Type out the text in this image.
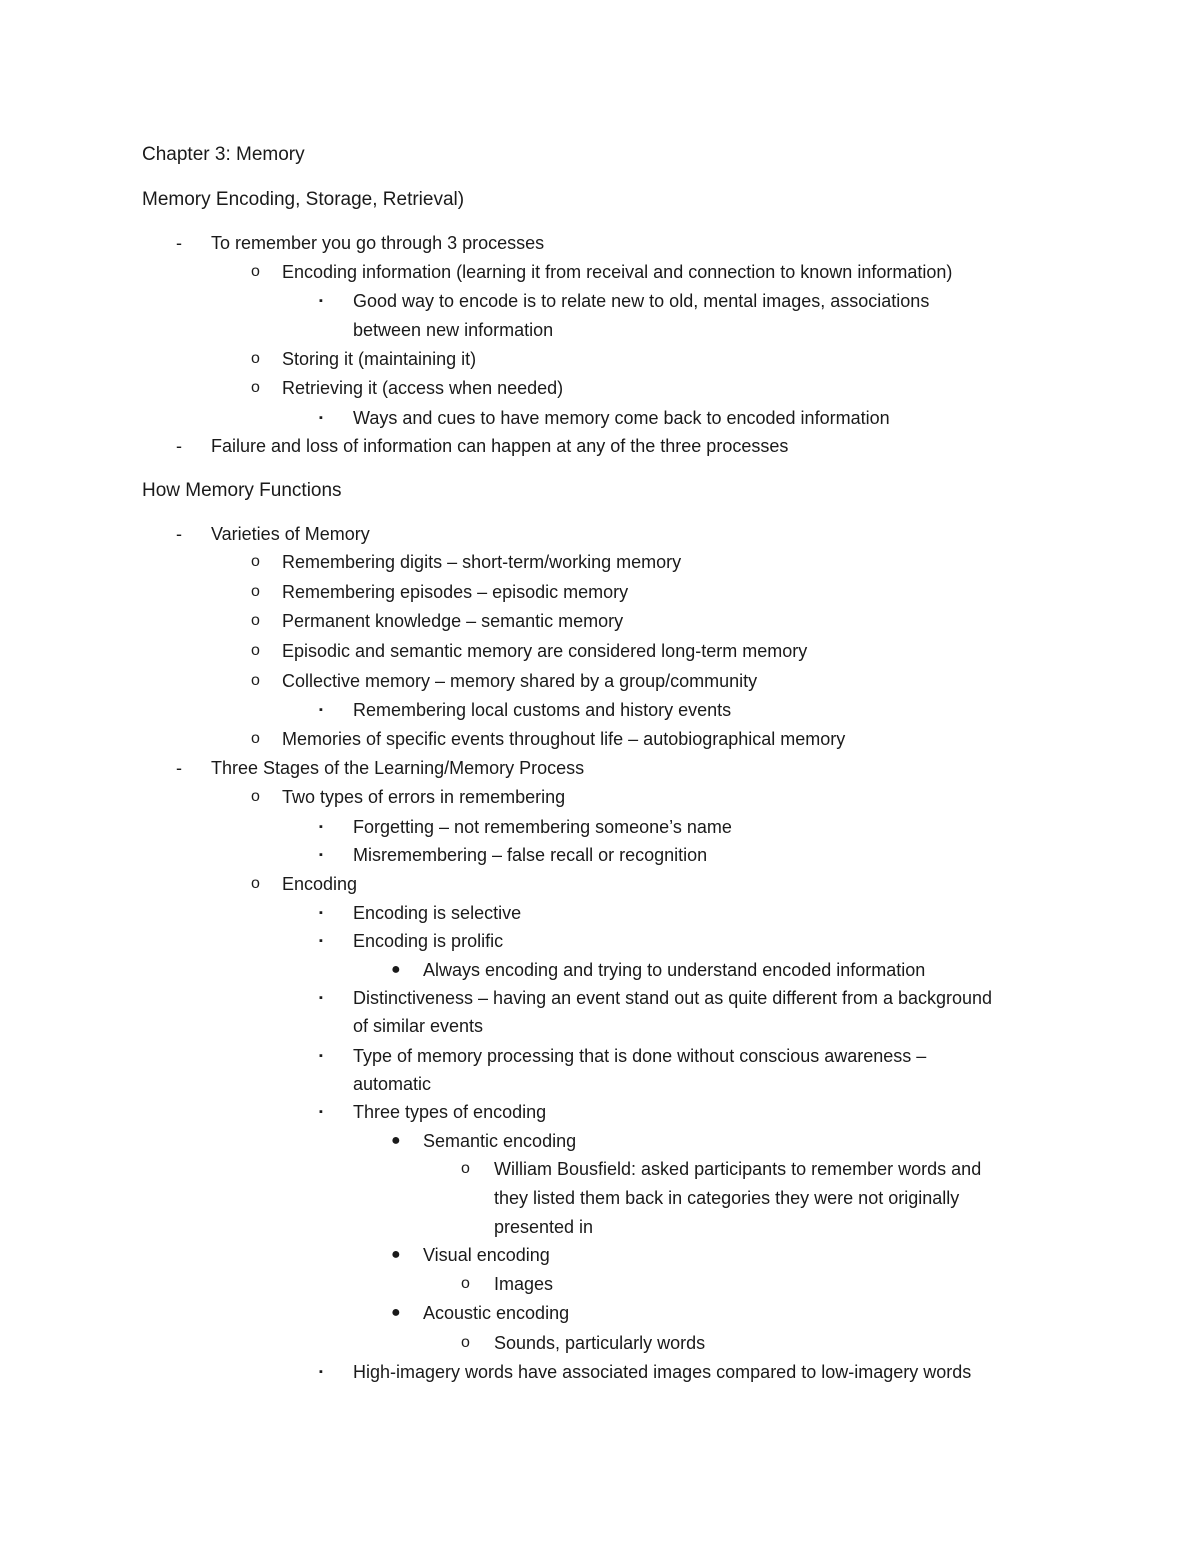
Chapter 3: Memory
Memory Encoding, Storage, Retrieval)
How Memory Functions
- To remember you go through 3 processes
o Encoding information (learning it from receival and connection to known information)
▪ Good way to encode is to relate new to old, mental images, associations
between new information
o Storing it (maintaining it)
o Retrieving it (access when needed)
▪ Ways and cues to have memory come back to encoded information
- Failure and loss of information can happen at any of the three processes
- Varieties of Memory
o Remembering digits – short-term/working memory
o Remembering episodes – episodic memory
o Permanent knowledge – semantic memory
o Episodic and semantic memory are considered long-term memory
o Collective memory – memory shared by a group/community
▪ Remembering local customs and history events
o Memories of specific events throughout life – autobiographical memory
- Three Stages of the Learning/Memory Process
o Two types of errors in remembering
▪ Forgetting – not remembering someone’s name
▪ Misremembering – false recall or recognition
o Encoding
▪ Encoding is selective
▪ Encoding is prolific
● Always encoding and trying to understand encoded information
▪ Distinctiveness – having an event stand out as quite different from a background
of similar events
▪ Type of memory processing that is done without conscious awareness –
automatic
▪ Three types of encoding
● Semantic encoding
o William Bousfield: asked participants to remember words and
they listed them back in categories they were not originally
presented in
● Visual encoding
o Images
● Acoustic encoding
o Sounds, particularly words
▪ High-imagery words have associated images compared to low-imagery words
